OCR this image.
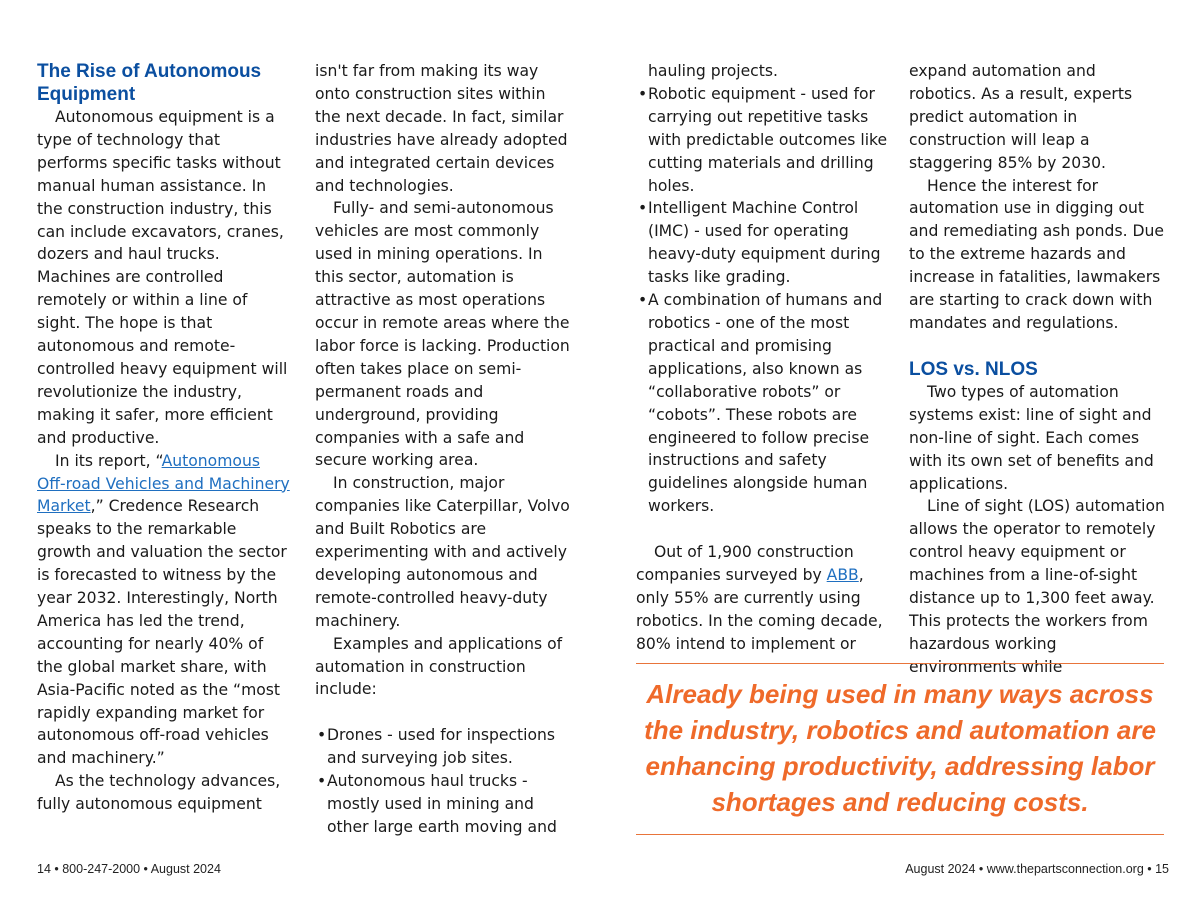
The Rise of Autonomous Equipment

Autonomous equipment is a type of technology that performs specific tasks without manual human assistance. In the construction industry, this can include excavators, cranes, dozers and haul trucks. Machines are controlled remotely or within a line of sight. The hope is that autonomous and remote-controlled heavy equipment will revolutionize the industry, making it safer, more efficient and productive.

In its report, “Autonomous Off-road Vehicles and Machinery Market,” Credence Research speaks to the remarkable growth and valuation the sector is forecasted to witness by the year 2032. Interestingly, North America has led the trend, accounting for nearly 40% of the global market share, with Asia-Pacific noted as the “most rapidly expanding market for autonomous off-road vehicles and machinery.”

As the technology advances, fully autonomous equipment

isn't far from making its way onto construction sites within the next decade. In fact, similar industries have already adopted and integrated certain devices and technologies.

Fully- and semi-autonomous vehicles are most commonly used in mining operations. In this sector, automation is attractive as most operations occur in remote areas where the labor force is lacking. Production often takes place on semi-permanent roads and underground, providing companies with a safe and secure working area.

In construction, major companies like Caterpillar, Volvo and Built Robotics are experimenting with and actively developing autonomous and remote-controlled heavy-duty machinery.

Examples and applications of automation in construction include:

• Drones - used for inspections and surveying job sites.
• Autonomous haul trucks - mostly used in mining and other large earth moving and

hauling projects.

• Robotic equipment - used for carrying out repetitive tasks with predictable outcomes like cutting materials and drilling holes.
• Intelligent Machine Control (IMC) - used for operating heavy-duty equipment during tasks like grading.
• A combination of humans and robotics - one of the most practical and promising applications, also known as “collaborative robots” or “cobots”. These robots are engineered to follow precise instructions and safety guidelines alongside human workers.

Out of 1,900 construction companies surveyed by ABB, only 55% are currently using robotics. In the coming decade, 80% intend to implement or

expand automation and robotics. As a result, experts predict automation in construction will leap a staggering 85% by 2030.

Hence the interest for automation use in digging out and remediating ash ponds. Due to the extreme hazards and increase in fatalities, lawmakers are starting to crack down with mandates and regulations.

LOS vs. NLOS

Two types of automation systems exist: line of sight and non-line of sight. Each comes with its own set of benefits and applications.

Line of sight (LOS) automation allows the operator to remotely control heavy equipment or machines from a line-of-sight distance up to 1,300 feet away. This protects the workers from hazardous working environments while

Already being used in many ways across the industry, robotics and automation are enhancing productivity, addressing labor shortages and reducing costs.

14 • 800-247-2000 • August 2024	August 2024 • www.thepartsconnection.org • 15
